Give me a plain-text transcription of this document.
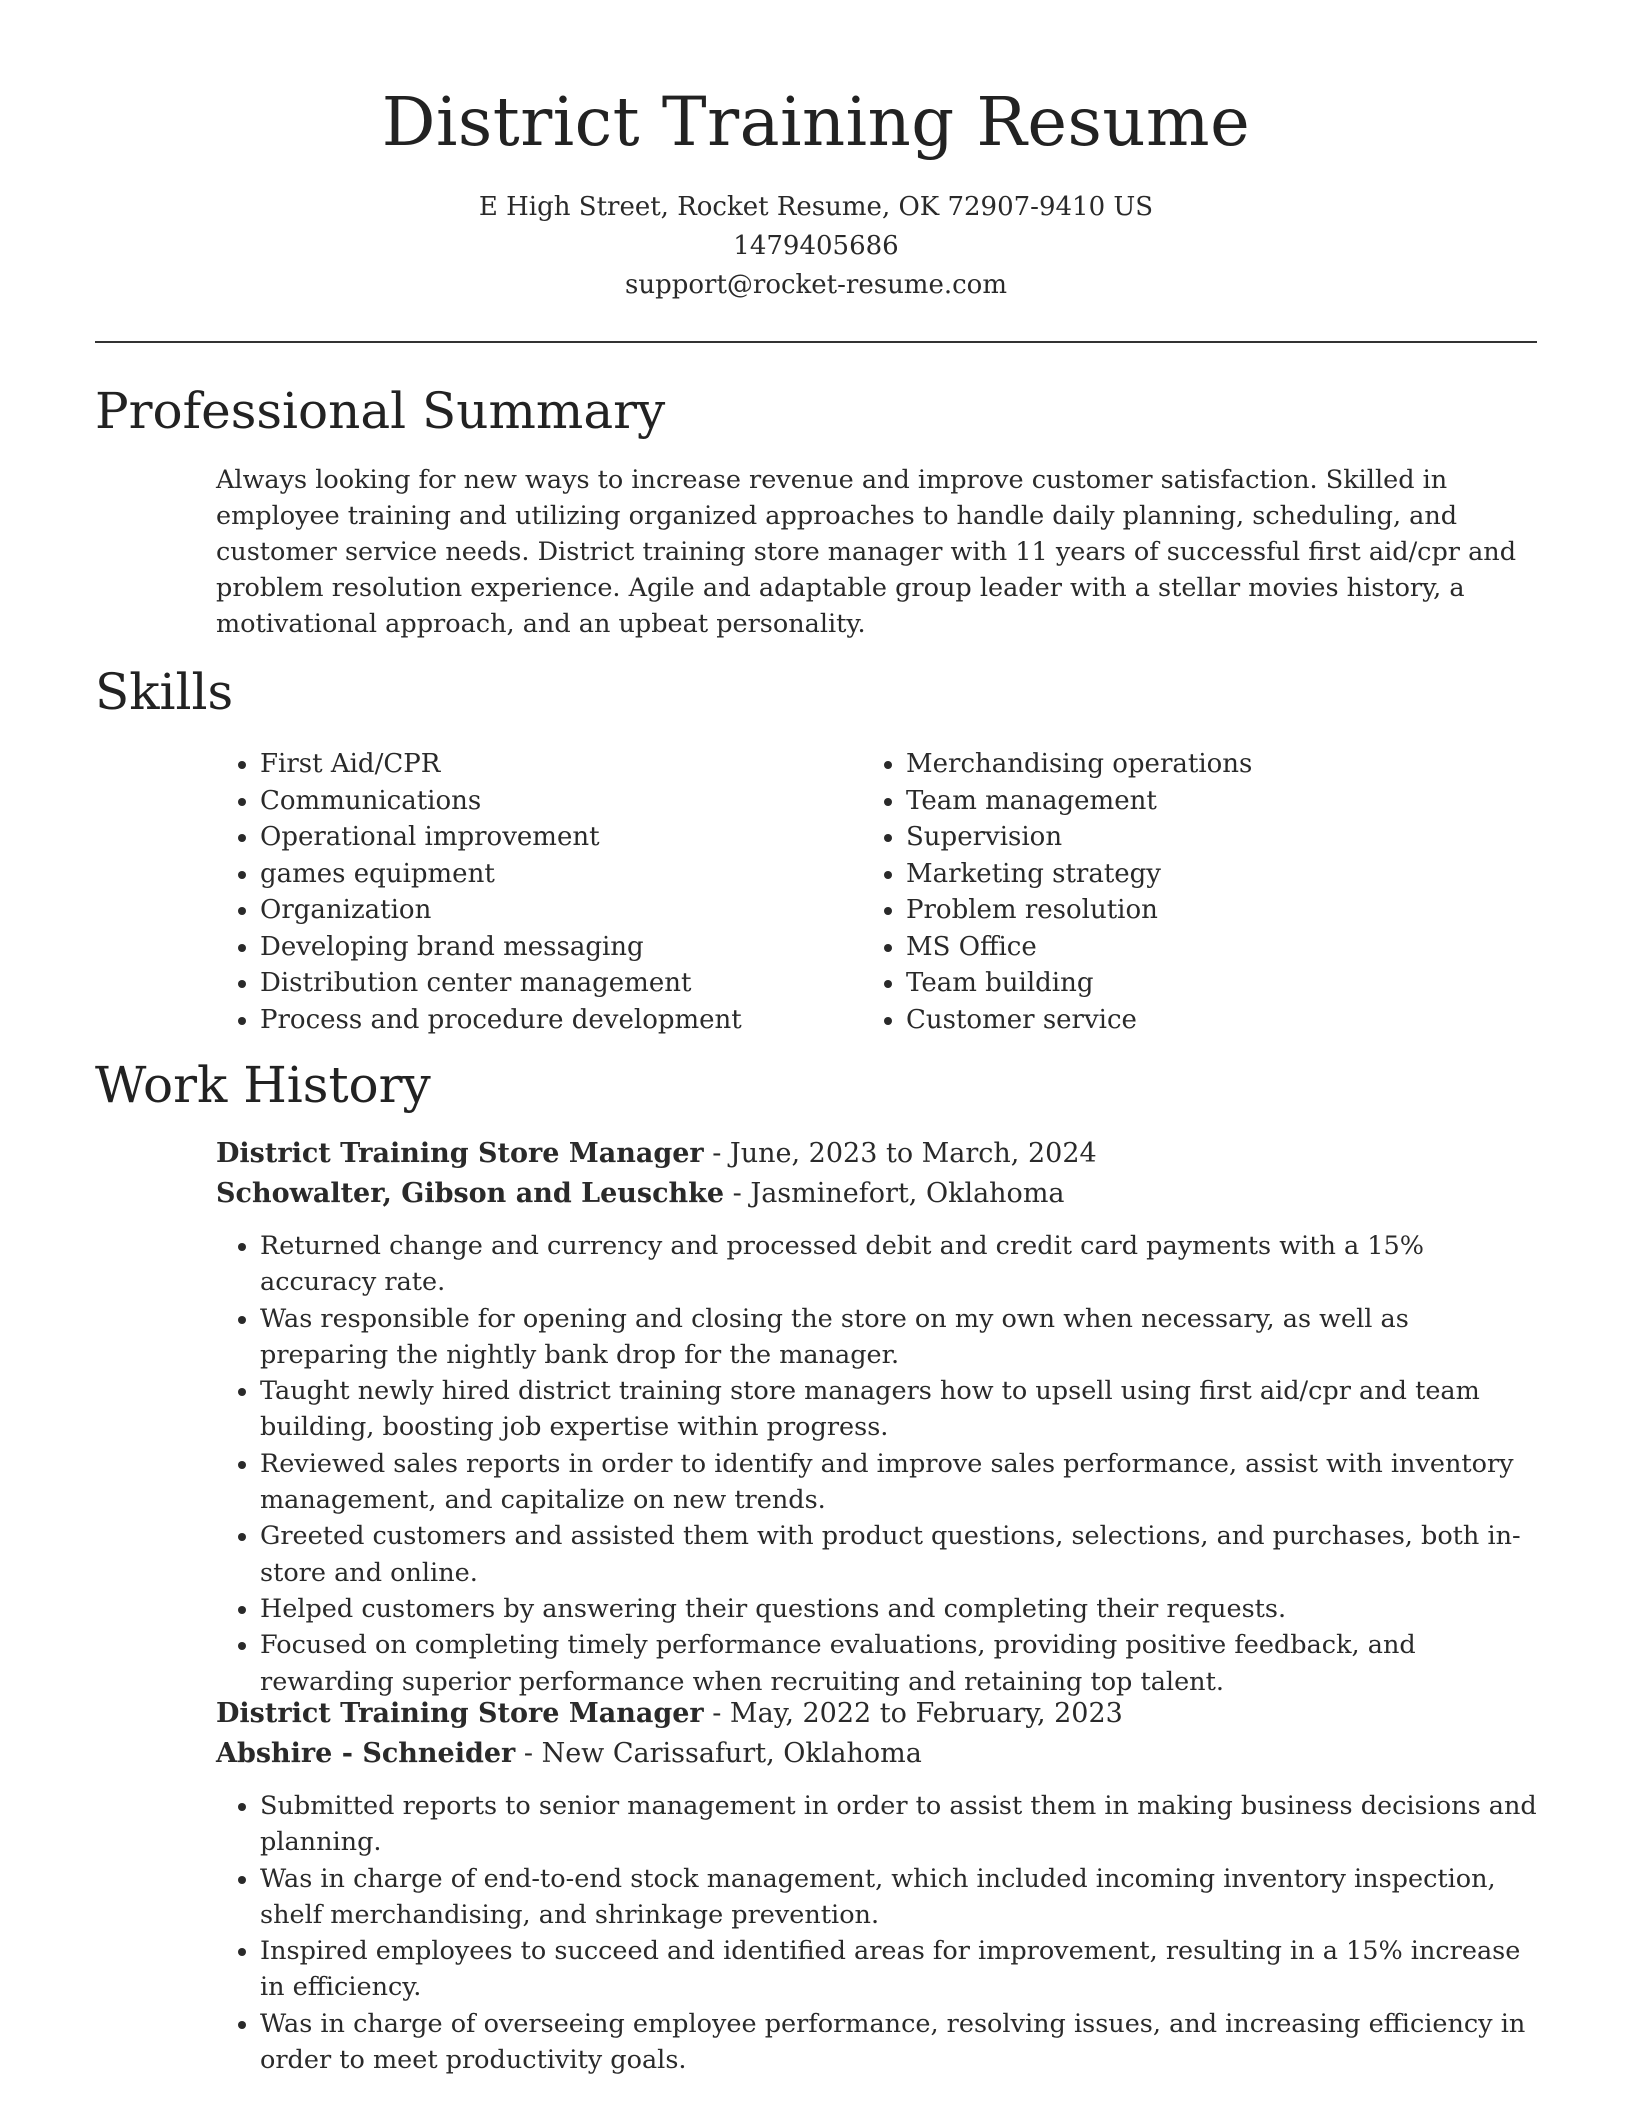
District Training Resume
E High Street, Rocket Resume, OK 72907-9410 US
1479405686
support@rocket-resume.com
Professional Summary
Always looking for new ways to increase revenue and improve customer satisfaction. Skilled in employee training and utilizing organized approaches to handle daily planning, scheduling, and customer service needs. District training store manager with 11 years of successful first aid/cpr and problem resolution experience. Agile and adaptable group leader with a stellar movies history, a motivational approach, and an upbeat personality.
Skills
• First Aid/CPR
• Communications
• Operational improvement
• games equipment
• Organization
• Developing brand messaging
• Distribution center management
• Process and procedure development
• Merchandising operations
• Team management
• Supervision
• Marketing strategy
• Problem resolution
• MS Office
• Team building
• Customer service
Work History
District Training Store Manager - June, 2023 to March, 2024
Schowalter, Gibson and Leuschke - Jasminefort, Oklahoma
• Returned change and currency and processed debit and credit card payments with a 15% accuracy rate.
• Was responsible for opening and closing the store on my own when necessary, as well as preparing the nightly bank drop for the manager.
• Taught newly hired district training store managers how to upsell using first aid/cpr and team building, boosting job expertise within progress.
• Reviewed sales reports in order to identify and improve sales performance, assist with inventory management, and capitalize on new trends.
• Greeted customers and assisted them with product questions, selections, and purchases, both in-store and online.
• Helped customers by answering their questions and completing their requests.
• Focused on completing timely performance evaluations, providing positive feedback, and rewarding superior performance when recruiting and retaining top talent.
District Training Store Manager - May, 2022 to February, 2023
Abshire - Schneider - New Carissafurt, Oklahoma
• Submitted reports to senior management in order to assist them in making business decisions and planning.
• Was in charge of end-to-end stock management, which included incoming inventory inspection, shelf merchandising, and shrinkage prevention.
• Inspired employees to succeed and identified areas for improvement, resulting in a 15% increase in efficiency.
• Was in charge of overseeing employee performance, resolving issues, and increasing efficiency in order to meet productivity goals.
